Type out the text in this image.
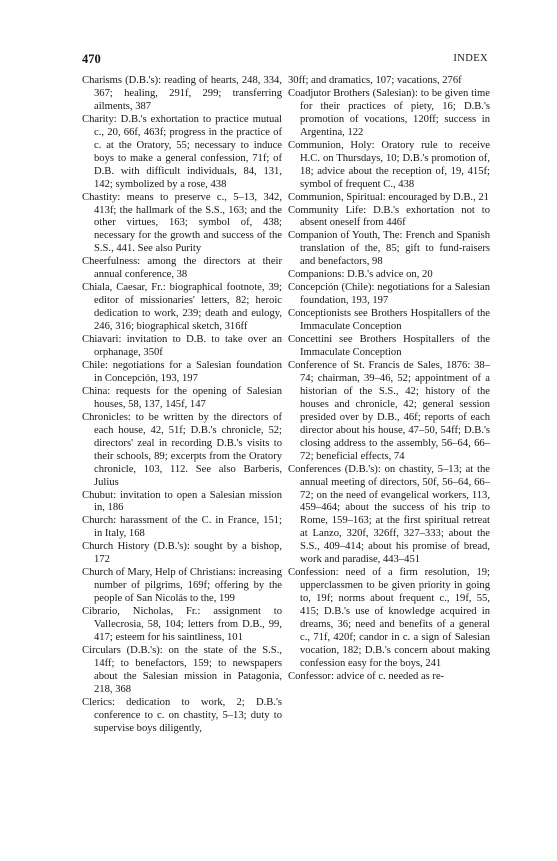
470	INDEX

Charisms (D.B.'s): reading of hearts, 248, 334, 367; healing, 291f, 299; transferring ailments, 387

Charity: D.B.'s exhortation to practice mutual c., 20, 66f, 463f; progress in the practice of c. at the Oratory, 55; necessary to induce boys to make a general confession, 71f; of D.B. with difficult individuals, 84, 131, 142; symbolized by a rose, 438

Chastity: means to preserve c., 5–13, 342, 413f; the hallmark of the S.S., 163; and the other virtues, 163; symbol of, 438; necessary for the growth and success of the S.S., 441. See also Purity

Cheerfulness: among the directors at their annual conference, 38

Chiala, Caesar, Fr.: biographical footnote, 39; editor of missionaries' letters, 82; heroic dedication to work, 239; death and eulogy, 246, 316; biographical sketch, 316ff

Chiavari: invitation to D.B. to take over an orphanage, 350f

Chile: negotiations for a Salesian foundation in Concepción, 193, 197

China: requests for the opening of Salesian houses, 58, 137, 145f, 147

Chronicles: to be written by the directors of each house, 42, 51f; D.B.'s chronicle, 52; directors' zeal in recording D.B.'s visits to their schools, 89; excerpts from the Oratory chronicle, 103, 112. See also Barberis, Julius

Chubut: invitation to open a Salesian mission in, 186

Church: harassment of the C. in France, 151; in Italy, 168

Church History (D.B.'s): sought by a bishop, 172

Church of Mary, Help of Christians: increasing number of pilgrims, 169f; offering by the people of San Nicolás to the, 199

Cibrario, Nicholas, Fr.: assignment to Vallecrosia, 58, 104; letters from D.B., 99, 417; esteem for his saintliness, 101

Circulars (D.B.'s): on the state of the S.S., 14ff; to benefactors, 159; to newspapers about the Salesian mission in Patagonia, 218, 368

Clerics: dedication to work, 2; D.B.'s conference to c. on chastity, 5–13; duty to supervise boys diligently,

30ff; and dramatics, 107; vacations, 276f

Coadjutor Brothers (Salesian): to be given time for their practices of piety, 16; D.B.'s promotion of vocations, 120ff; success in Argentina, 122

Communion, Holy: Oratory rule to receive H.C. on Thursdays, 10; D.B.'s promotion of, 18; advice about the reception of, 19, 415f; symbol of frequent C., 438

Communion, Spiritual: encouraged by D.B., 21

Community Life: D.B.'s exhortation not to absent oneself from 446f

Companion of Youth, The: French and Spanish translation of the, 85; gift to fund-raisers and benefactors, 98

Companions: D.B.'s advice on, 20

Concepción (Chile): negotiations for a Salesian foundation, 193, 197

Conceptionists see Brothers Hospitallers of the Immaculate Conception

Concettini see Brothers Hospitallers of the Immaculate Conception

Conference of St. Francis de Sales, 1876: 38–74; chairman, 39–46, 52; appointment of a historian of the S.S., 42; history of the houses and chronicle, 42; general session presided over by D.B., 46f; reports of each director about his house, 47–50, 54ff; D.B.'s closing address to the assembly, 56–64, 66–72; beneficial effects, 74

Conferences (D.B.'s): on chastity, 5–13; at the annual meeting of directors, 50f, 56–64, 66–72; on the need of evangelical workers, 113, 459–464; about the success of his trip to Rome, 159–163; at the first spiritual retreat at Lanzo, 320f, 326ff, 327–333; about the S.S., 409–414; about his promise of bread, work and paradise, 443–451

Confession: need of a firm resolution, 19; upperclassmen to be given priority in going to, 19f; norms about frequent c., 19f, 55, 415; D.B.'s use of knowledge acquired in dreams, 36; need and benefits of a general c., 71f, 420f; candor in c. a sign of Salesian vocation, 182; D.B.'s concern about making confession easy for the boys, 241

Confessor: advice of c. needed as re-
